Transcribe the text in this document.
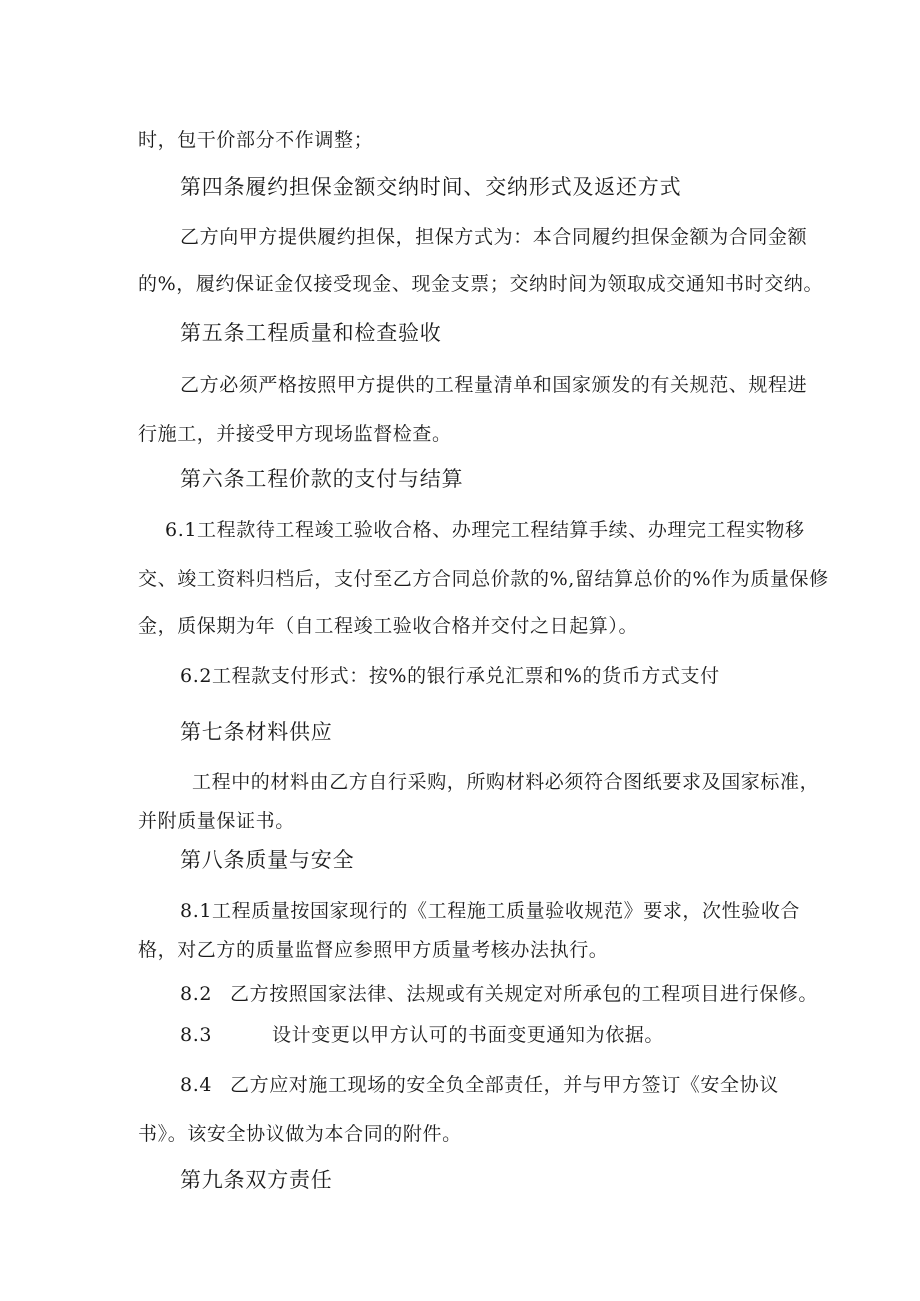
时，包干价部分不作调整；
第四条履约担保金额交纳时间、交纳形式及返还方式
乙方向甲方提供履约担保，担保方式为：本合同履约担保金额为合同金额
的%，履约保证金仅接受现金、现金支票；交纳时间为领取成交通知书时交纳。
第五条工程质量和检查验收
乙方必须严格按照甲方提供的工程量清单和国家颁发的有关规范、规程进
行施工，并接受甲方现场监督检查。
第六条工程价款的支付与结算
6.1工程款待工程竣工验收合格、办理完工程结算手续、办理完工程实物移
交、竣工资料归档后，支付至乙方合同总价款的%,留结算总价的%作为质量保修
金，质保期为年（自工程竣工验收合格并交付之日起算）。
6.2工程款支付形式：按%的银行承兑汇票和%的货币方式支付
第七条材料供应
工程中的材料由乙方自行采购，所购材料必须符合图纸要求及国家标准，
并附质量保证书。
第八条质量与安全
8.1工程质量按国家现行的《工程施工质量验收规范》要求，次性验收合
格，对乙方的质量监督应参照甲方质量考核办法执行。
8.2 乙方按照国家法律、法规或有关规定对所承包的工程项目进行保修。
8.3	设计变更以甲方认可的书面变更通知为依据。
8.4 乙方应对施工现场的安全负全部责任，并与甲方签订《安全协议
书》。该安全协议做为本合同的附件。
第九条双方责任
